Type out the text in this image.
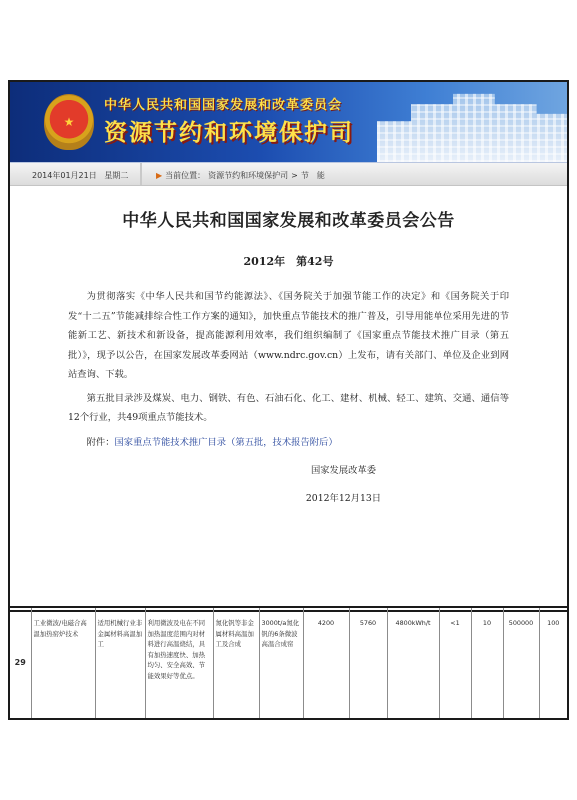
★
中华人民共和国国家发展和改革委员会
资源节约和环境保护司
2014年01月21日 星期二	▶ 当前位置： 资源节约和环境保护司 > 节　能
中华人民共和国国家发展和改革委员会公告
2012年　第42号

为贯彻落实《中华人民共和国节约能源法》、《国务院关于加强节能工作的决定》和《国务院关于印发“十二五”节能减排综合性工作方案的通知》，加快重点节能技术的推广普及，引导用能单位采用先进的节能新工艺、新技术和新设备，提高能源利用效率，我们组织编制了《国家重点节能技术推广目录（第五批）》，现予以公告，在国家发展改革委网站（www.ndrc.gov.cn）上发布，请有关部门、单位及企业到网站查询、下载。

第五批目录涉及煤炭、电力、钢铁、有色、石油石化、化工、建材、机械、轻工、建筑、交通、通信等12个行业，共49项重点节能技术。

附件：国家重点节能技术推广目录（第五批，技术报告附后）

国家发展改革委
2012年12月13日
29	工业微波/电磁合高温加热窑炉技术	适用机械行业非金属材料高温加工	利用微波及电在不同加热温度范围内对材料进行高温烧结，具有加热速度快、加热均匀、安全高效、节能效果好等优点。	氮化钒等非金属材料高温加工及合成	3000t/a氮化钒的6条微波高温合成窑	4200	5760	4800kWh/t	<1	10	500000	100
